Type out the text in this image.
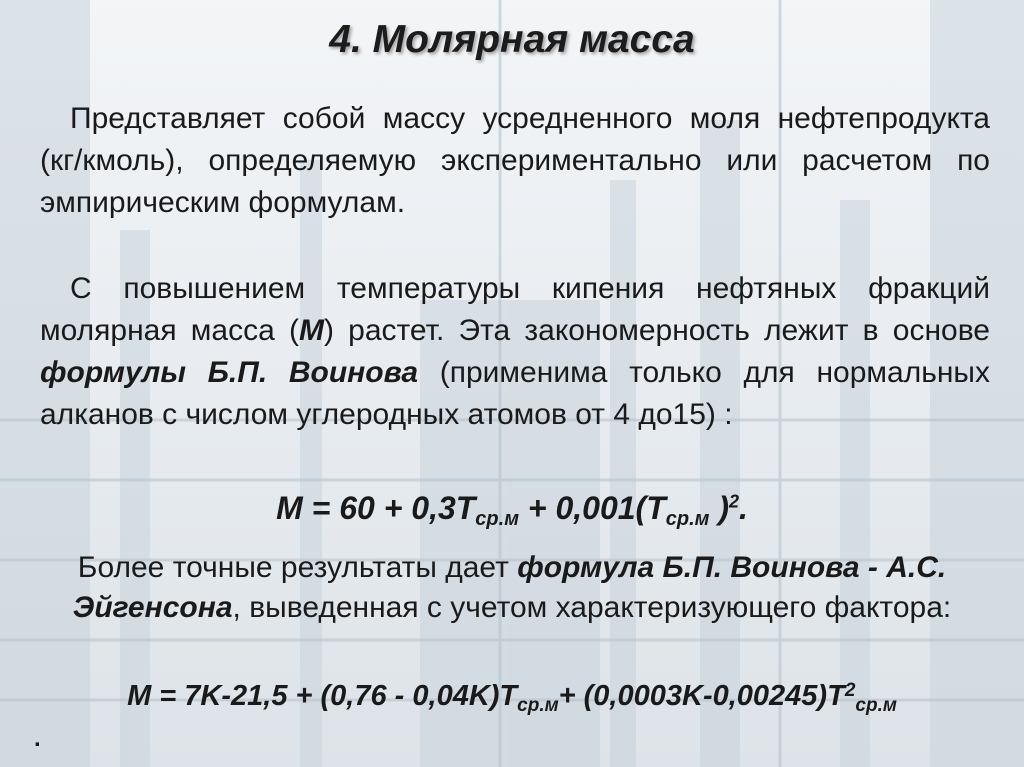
4. Молярная масса
Представляет собой массу усредненного моля нефтепродукта (кг/кмоль), определяемую экспериментально или расчетом по эмпирическим формулам.
С повышением температуры кипения нефтяных фракций молярная масса (M) растет. Эта закономерность лежит в основе формулы Б.П. Воинова (применима только для нормальных алканов с числом углеродных атомов от 4 до15) :
$M = 60 + 0,3T_{ср.м} + 0,001(T_{ср.м}$ )$^2$.
Более точные результаты дает формула Б.П. Воинова - А.С. Эйгенсона, выведенная с учетом характеризующего фактора:
$M = 7K-21,5 + (0,76 - 0,04K)T_{ср.м}+ (0,0003K-0,00245)T^2_{ср.м}$
.
